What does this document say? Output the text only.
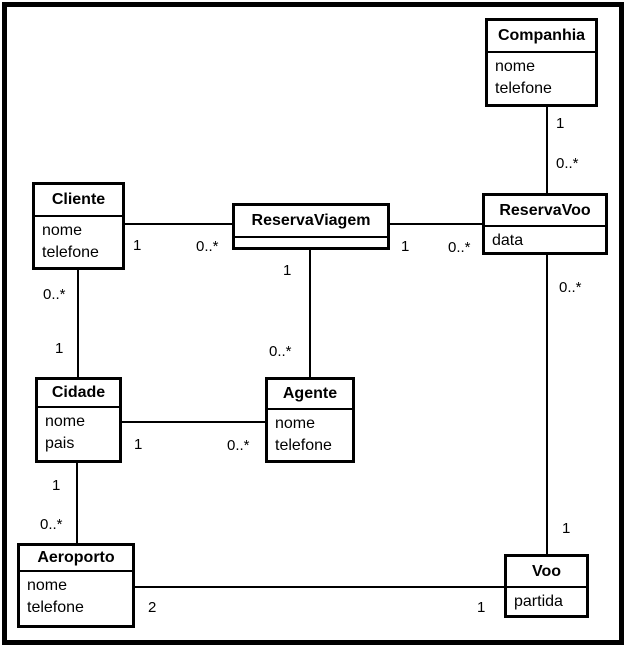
Companhia
nome
telefone
Cliente
nome
telefone
ReservaViagem
ReservaVoo
data
Cidade
nome
pais
Agente
nome
telefone
Aeroporto
nome
telefone
Voo
partida
1
0..*
1	0..*	1	0..*
1
0..*
0..*
1
1	0..*
1
0..*
2	1
0..*
1
